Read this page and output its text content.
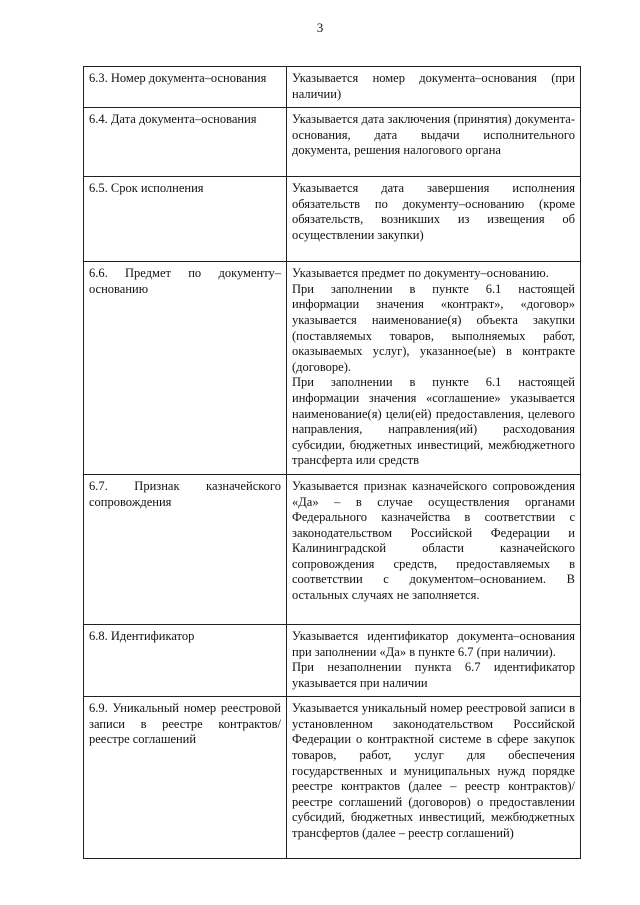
3
6.3. Номер документа–основания	Указывается номер документа–основания (при наличии)

6.4. Дата документа–основания	Указывается дата заключения (принятия) документа-основания, дата выдачи исполнительного документа, решения налогового органа

6.5. Срок исполнения	Указывается дата завершения исполнения обязательств по документу–основанию (кроме обязательств, возникших из извещения об осуществлении закупки)

6.6. Предмет по документу–основанию	Указывается предмет по документу–основанию.
При заполнении в пункте 6.1 настоящей информации значения «контракт», «договор» указывается наименование(я) объекта закупки (поставляемых товаров, выполняемых работ, оказываемых услуг), указанное(ые) в контракте (договоре).
При заполнении в пункте 6.1 настоящей информации значения «соглашение» указывается наименование(я) цели(ей) предоставления, целевого направления, направления(ий) расходования субсидии, бюджетных инвестиций, межбюджетного трансферта или средств

6.7. Признак казначейского сопровождения	Указывается признак казначейского сопровождения «Да» – в случае осуществления органами Федерального казначейства в соответствии с законодательством Российской Федерации и Калининградской области казначейского сопровождения средств, предоставляемых в соответствии с документом–основанием. В остальных случаях не заполняется.

6.8. Идентификатор	Указывается идентификатор документа–основания при заполнении «Да» в пункте 6.7 (при наличии).
При незаполнении пункта 6.7 идентификатор указывается при наличии

6.9. Уникальный номер реестровой записи в реестре контрактов/реестре соглашений	Указывается уникальный номер реестровой записи в установленном законодательством Российской Федерации о контрактной системе в сфере закупок товаров, работ, услуг для обеспечения государственных и муниципальных нужд порядке реестре контрактов (далее – реестр контрактов)/реестре соглашений (договоров) о предоставлении субсидий, бюджетных инвестиций, межбюджетных трансфертов (далее – реестр соглашений)
